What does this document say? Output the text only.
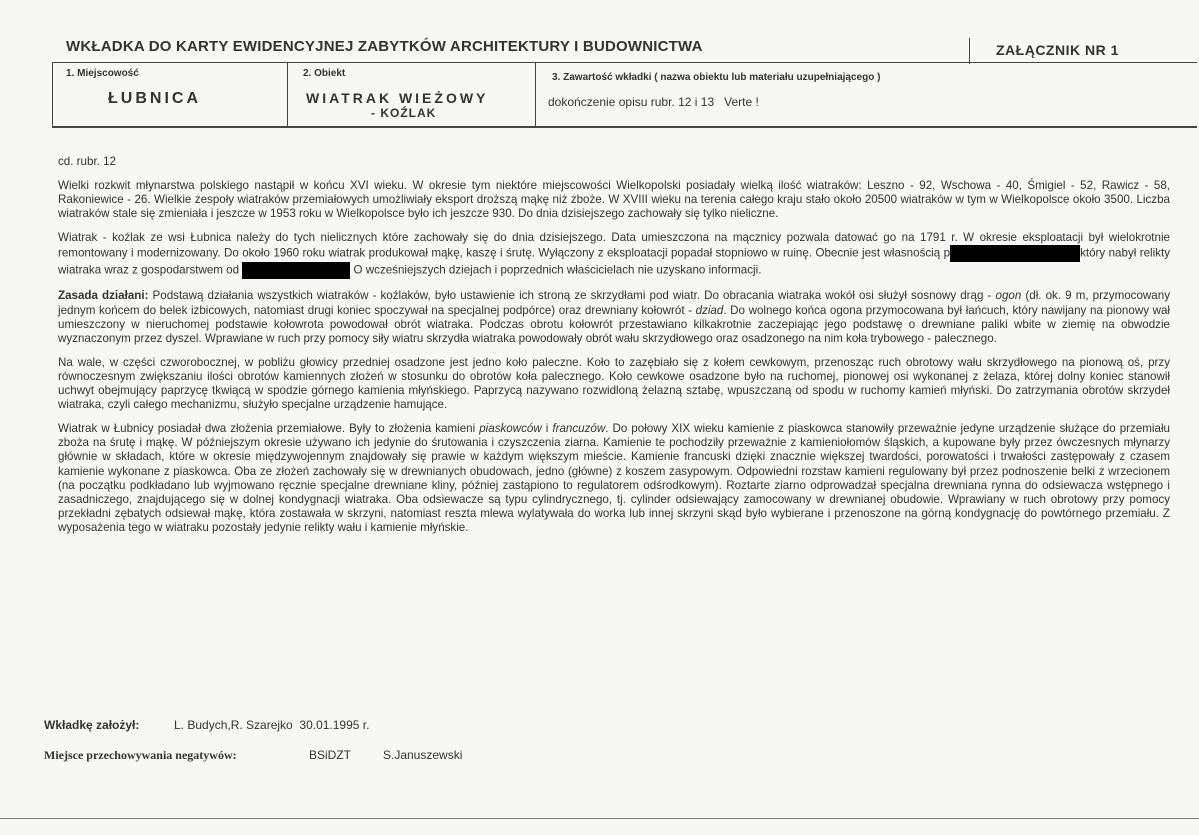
WKŁADKA DO KARTY EWIDENCYJNEJ ZABYTKÓW ARCHITEKTURY I BUDOWNICTWA	ZAŁĄCZNIK NR 1
1. Miejscowość
ŁUBNICA
2. Obiekt
WIATRAK WIEŻOWY
- KOŹLAK
3. Zawartość wkładki ( nazwa obiektu lub materiału uzupełniającego )
dokończenie opisu rubr. 12 i 13   Verte !

cd. rubr. 12

Wielki rozkwit młynarstwa polskiego nastąpił w końcu XVI wieku. W okresie tym niektóre miejscowości Wielkopolski posiadały wielką ilość wiatraków: Leszno - 92, Wschowa - 40, Śmigiel - 52, Rawicz - 58, Rakoniewice - 26. Wielkie zespoły wiatraków przemiałowych umożliwiały eksport droższą mąkę niż zboże. W XVIII wieku na terenia całego kraju stało około 20500 wiatraków w tym w Wielkopolsce około 3500. Liczba wiatraków stale się zmieniała i jeszcze w 1953 roku w Wielkopolsce było ich jeszcze 930. Do dnia dzisiejszego zachowały się tylko nieliczne.

Wiatrak - koźlak ze wsi Łubnica należy do tych nielicznych które zachowały się do dnia dzisiejszego. Data umieszczona na mącznicy pozwala datować go na 1791 r. W okresie eksploatacji był wielokrotnie remontowany i modernizowany. Do około 1960 roku wiatrak produkował mąkę, kaszę i śrutę. Wyłączony z eksploatacji popadał stopniowo w ruinę. Obecnie jest własnością p	który nabył relikty wiatraka wraz z gospodarstwem od	O wcześniejszych dziejach i poprzednich właścicielach nie uzyskano informacji.

Zasada działani: Podstawą działania wszystkich wiatraków - koźlaków, było ustawienie ich stroną ze skrzydłami pod wiatr. Do obracania wiatraka wokół osi służył sosnowy drąg - ogon (dł. ok. 9 m, przymocowany jednym końcem do belek izbicowych, natomiast drugi koniec spoczywał na specjalnej podpórce) oraz drewniany kołowrót - dziad. Do wolnego końca ogona przymocowana był łańcuch, który nawijany na pionowy wał umieszczony w nieruchomej podstawie kołowrota powodował obrót wiatraka. Podczas obrotu kołowrót przestawiano kilkakrotnie zaczepiając jego podstawę o drewniane paliki wbite w ziemię na obwodzie wyznaczonym przez dyszel. Wprawiane w ruch przy pomocy siły wiatru skrzydła wiatraka powodowały obrót wału skrzydłowego oraz osadzonego na nim koła trybowego - palecznego.

Na wale, w części czworobocznej, w pobliżu głowicy przedniej osadzone jest jedno koło paleczne. Koło to zazębiało się z kołem cewkowym, przenosząc ruch obrotowy wału skrzydłowego na pionową oś, przy równoczesnym zwiększaniu ilości obrotów kamiennych złożeń w stosunku do obrotów koła palecznego. Koło cewkowe osadzone było na ruchomej, pionowej osi wykonanej z żelaza, której dolny koniec stanowił uchwyt obejmujący paprzycę tkwiącą w spodzie górnego kamienia młyńskiego. Paprzycą nazywano rozwidloną żelazną sztabę, wpuszczaną od spodu w ruchomy kamień młyński. Do zatrzymania obrotów skrzydeł wiatraka, czyli całego mechanizmu, służyło specjalne urządzenie hamujące.

Wiatrak w Łubnicy posiadał dwa złożenia przemiałowe. Były to złożenia kamieni piaskowców i francuzów. Do połowy XIX wieku kamienie z piaskowca stanowiły przeważnie jedyne urządzenie służące do przemiału zboża na śrutę i mąkę. W późniejszym okresie używano ich jedynie do śrutowania i czyszczenia ziarna. Kamienie te pochodziły przeważnie z kamieniołomów śląskich, a kupowane były przez ówczesnych młynarzy głównie w składach, które w okresie międzywojennym znajdowały się prawie w każdym większym mieście. Kamienie francuski dzięki znacznie większej twardości, porowatości i trwałości zastępowały z czasem kamienie wykonane z piaskowca. Oba ze złożeń zachowały się w drewnianych obudowach, jedno (główne) z koszem zasypowym. Odpowiedni rozstaw kamieni regulowany był przez podnoszenie belki z wrzecionem (na początku podkładano lub wyjmowano ręcznie specjalne drewniane kliny, później zastąpiono to regulatorem odśrodkowym). Roztarte ziarno odprowadzał specjalna drewniana rynna do odsiewacza wstępnego i zasadniczego, znajdującego się w dolnej kondygnacji wiatraka. Oba odsiewacze są typu cylindrycznego, tj. cylinder odsiewający zamocowany w drewnianej obudowie. Wprawiany w ruch obrotowy przy pomocy przekładni zębatych odsiewał mąkę, która zostawała w skrzyni, natomiast reszta mlewa wylatywała do worka lub innej skrzyni skąd było wybierane i przenoszone na górną kondygnację do powtórnego przemiału. Z wyposażenia tego w wiatraku pozostały jedynie relikty wału i kamienie młyńskie.

Wkładkę założył:	L. Budych,R. Szarejko  30.01.1995 r.
Miejsce przechowywania negatywów:	BSiDZT	S.Januszewski
